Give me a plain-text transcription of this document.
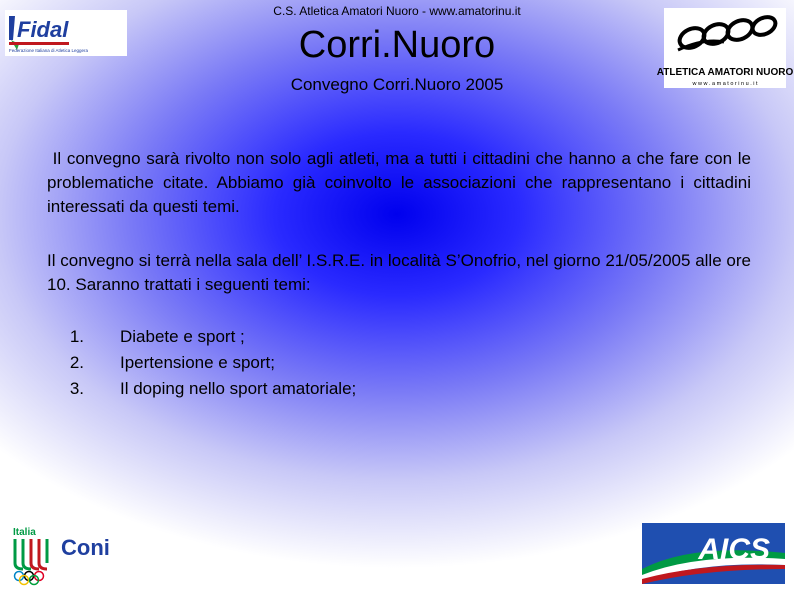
C.S. Atletica Amatori Nuoro - www.amatorinu.it
Corri.Nuoro
Convegno Corri.Nuoro 2005
Il convegno sarà rivolto non solo agli atleti, ma a tutti i cittadini che hanno a che fare con le problematiche citate. Abbiamo già coinvolto le associazioni che rappresentano i cittadini interessati da questi temi.
Il convegno si terrà nella sala dell’ I.S.R.E. in località S’Onofrio, nel giorno 21/05/2005 alle ore 10. Saranno trattati i seguenti temi:
1. Diabete e sport ;
2. Ipertensione e sport;
3. Il doping nello sport amatoriale;
Fidal
Federazione Italiana di Atletica Leggera
ATLETICA AMATORI NUORO
w w w . a m a t o r i n u . i t
Italia
Coni	AICS
